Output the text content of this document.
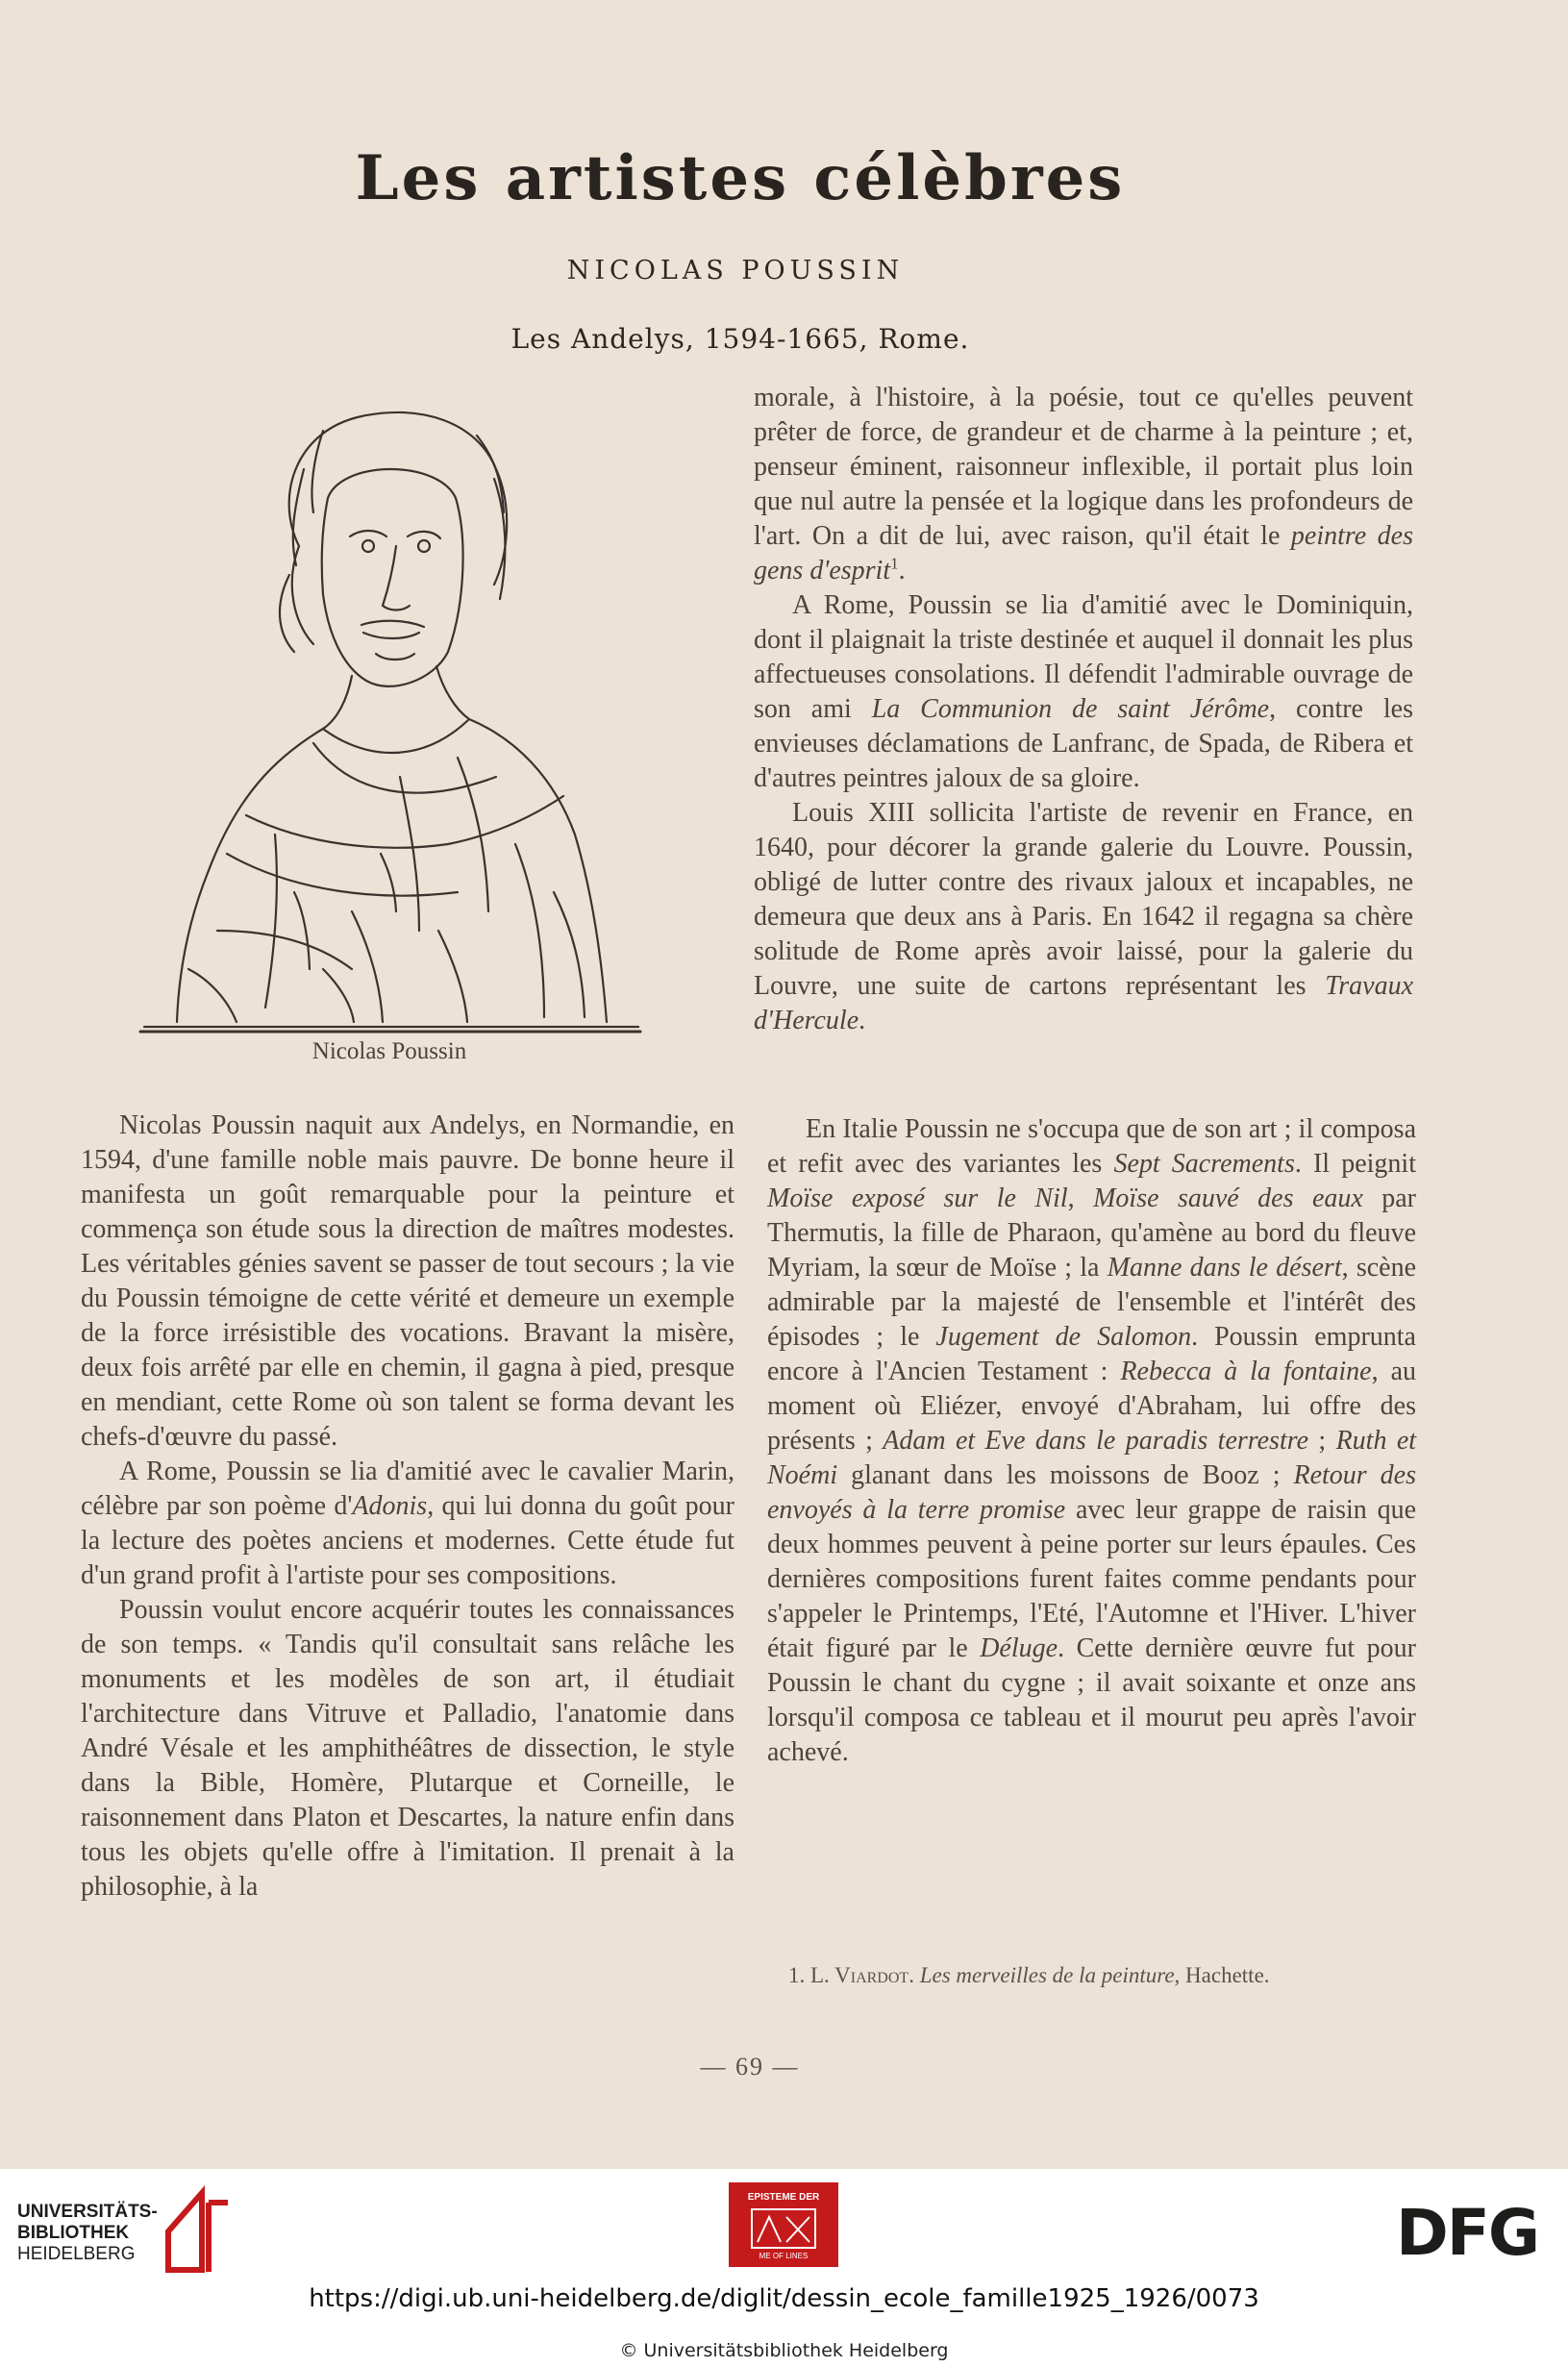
Les artistes célèbres
NICOLAS POUSSIN
Les Andelys, 1594-1665, Rome.
Nicolas Poussin

morale, à l'histoire, à la poésie, tout ce qu'elles peuvent prêter de force, de grandeur et de charme à la peinture ; et, penseur éminent, raisonneur inflexible, il portait plus loin que nul autre la pensée et la logique dans les profondeurs de l'art. On a dit de lui, avec raison, qu'il était le peintre des gens d'esprit$^1$.

A Rome, Poussin se lia d'amitié avec le Dominiquin, dont il plaignait la triste destinée et auquel il donnait les plus affectueuses consolations. Il défendit l'admirable ouvrage de son ami La Communion de saint Jérôme, contre les envieuses déclamations de Lanfranc, de Spada, de Ribera et d'autres peintres jaloux de sa gloire.

Louis XIII sollicita l'artiste de revenir en France, en 1640, pour décorer la grande galerie du Louvre. Poussin, obligé de lutter contre des rivaux jaloux et incapables, ne demeura que deux ans à Paris. En 1642 il regagna sa chère solitude de Rome après avoir laissé, pour la galerie du Louvre, une suite de cartons représentant les Travaux d'Hercule.

Nicolas Poussin naquit aux Andelys, en Normandie, en 1594, d'une famille noble mais pauvre. De bonne heure il manifesta un goût remarquable pour la peinture et commença son étude sous la direction de maîtres modestes. Les véritables génies savent se passer de tout secours ; la vie du Poussin témoigne de cette vérité et demeure un exemple de la force irrésistible des vocations. Bravant la misère, deux fois arrêté par elle en chemin, il gagna à pied, presque en mendiant, cette Rome où son talent se forma devant les chefs-d'œuvre du passé.

A Rome, Poussin se lia d'amitié avec le cavalier Marin, célèbre par son poème d'Adonis, qui lui donna du goût pour la lecture des poètes anciens et modernes. Cette étude fut d'un grand profit à l'artiste pour ses compositions.

Poussin voulut encore acquérir toutes les connaissances de son temps. « Tandis qu'il consultait sans relâche les monuments et les modèles de son art, il étudiait l'architecture dans Vitruve et Palladio, l'anatomie dans André Vésale et les amphithéâtres de dissection, le style dans la Bible, Homère, Plutarque et Corneille, le raisonnement dans Platon et Descartes, la nature enfin dans tous les objets qu'elle offre à l'imitation. Il prenait à la philosophie, à la

En Italie Poussin ne s'occupa que de son art ; il composa et refit avec des variantes les Sept Sacrements. Il peignit Moïse exposé sur le Nil, Moïse sauvé des eaux par Thermutis, la fille de Pharaon, qu'amène au bord du fleuve Myriam, la sœur de Moïse ; la Manne dans le désert, scène admirable par la majesté de l'ensemble et l'intérêt des épisodes ; le Jugement de Salomon. Poussin emprunta encore à l'Ancien Testament : Rebecca à la fontaine, au moment où Eliézer, envoyé d'Abraham, lui offre des présents ; Adam et Eve dans le paradis terrestre ; Ruth et Noémi glanant dans les moissons de Booz ; Retour des envoyés à la terre promise avec leur grappe de raisin que deux hommes peuvent à peine porter sur leurs épaules. Ces dernières compositions furent faites comme pendants pour s'appeler le Printemps, l'Eté, l'Automne et l'Hiver. L'hiver était figuré par le Déluge. Cette dernière œuvre fut pour Poussin le chant du cygne ; il avait soixante et onze ans lorsqu'il composa ce tableau et il mourut peu après l'avoir achevé.

1. L. Viardot. Les merveilles de la peinture, Hachette.
— 69 —
UNIVERSITÄTS-
BIBLIOTHEK
HEIDELBERG
EPISTEME DER
ME OF LINES	DFG
https://digi.ub.uni-heidelberg.de/diglit/dessin_ecole_famille1925_1926/0073
© Universitätsbibliothek Heidelberg
